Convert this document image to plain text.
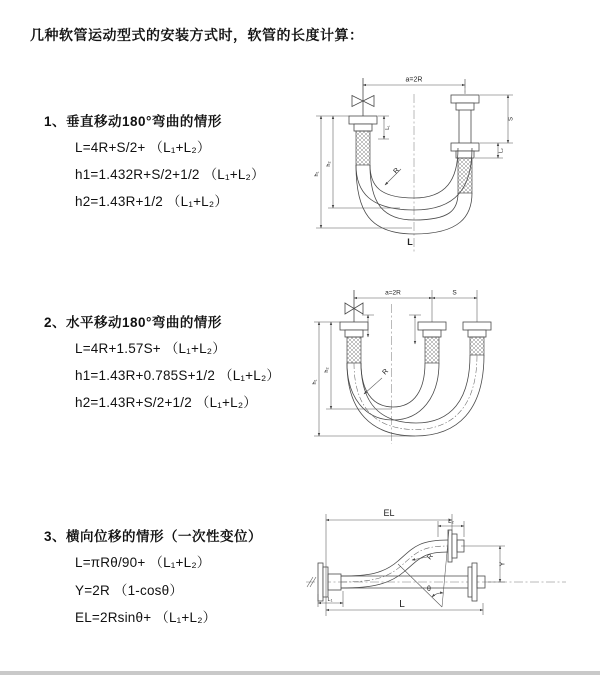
几种软管运动型式的安装方式时，软管的长度计算：
1、垂直移动180°弯曲的情形
L=4R+S/2+ （L₁+L₂）
h1=1.432R+S/2+1/2 （L₁+L₂）
h2=1.43R+1/2 （L₁+L₂）
2、水平移动180°弯曲的情形
L=4R+1.57S+ （L₁+L₂）
h1=1.43R+0.785S+1/2 （L₁+L₂）
h2=1.43R+S/2+1/2 （L₁+L₂）
3、横向位移的情形（一次性变位）
L=πRθ/90+ （L₁+L₂）
Y=2R （1-cosθ）
EL=2Rsinθ+ （L₁+L₂）
a=2R
h₁
h₂
L₁
S
L₂
R
L
a=2R	S
h₁
h₂	R
EL
L₂
Y
L
L₁
θ
R
